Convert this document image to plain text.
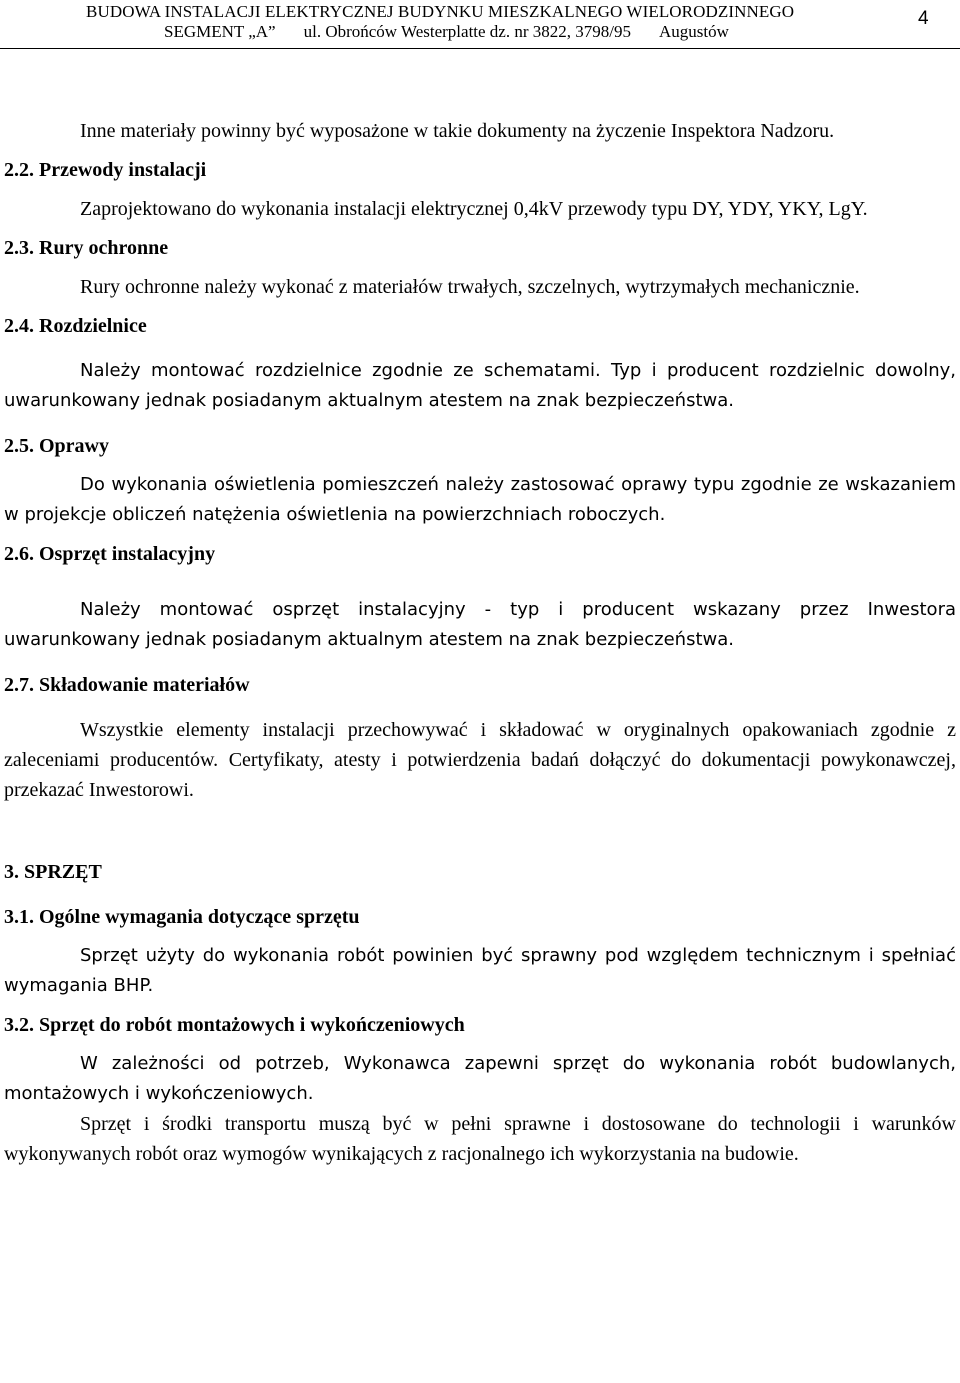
BUDOWA INSTALACJI ELEKTRYCZNEJ BUDYNKU MIESZKALNEGO WIELORODZINNEGO
SEGMENT „A” ul. Obrońców Westerplatte dz. nr 3822, 3798/95 Augustów
4

Inne materiały powinny być wyposażone w takie dokumenty na życzenie Inspektora Nadzoru.

2.2. Przewody instalacji

Zaprojektowano do wykonania instalacji elektrycznej 0,4kV przewody typu DY, YDY, YKY, LgY.

2.3. Rury ochronne

Rury ochronne należy wykonać z materiałów trwałych, szczelnych, wytrzymałych mechanicznie.

2.4. Rozdzielnice

Należy montować rozdzielnice zgodnie ze schematami. Typ i producent rozdzielnic dowolny, uwarunkowany jednak posiadanym aktualnym atestem na znak bezpieczeństwa.

2.5. Oprawy

Do wykonania oświetlenia pomieszczeń należy zastosować oprawy typu zgodnie ze wskazaniem w projekcje obliczeń natężenia oświetlenia na powierzchniach roboczych.

2.6. Osprzęt instalacyjny

Należy montować osprzęt instalacyjny - typ i producent wskazany przez Inwestora uwarunkowany jednak posiadanym aktualnym atestem na znak bezpieczeństwa.

2.7. Składowanie materiałów

Wszystkie elementy instalacji przechowywać i składować w oryginalnych opakowaniach zgodnie z zaleceniami producentów. Certyfikaty, atesty i potwierdzenia badań dołączyć do dokumentacji powykonawczej, przekazać Inwestorowi.

3. SPRZĘT

3.1. Ogólne wymagania dotyczące sprzętu

Sprzęt użyty do wykonania robót powinien być sprawny pod względem technicznym i spełniać wymagania BHP.

3.2. Sprzęt do robót montażowych i wykończeniowych

W zależności od potrzeb, Wykonawca zapewni sprzęt do wykonania robót budowlanych, montażowych i wykończeniowych.

Sprzęt i środki transportu muszą być w pełni sprawne i dostosowane do technologii i warunków wykonywanych robót oraz wymogów wynikających z racjonalnego ich wykorzystania na budowie.
